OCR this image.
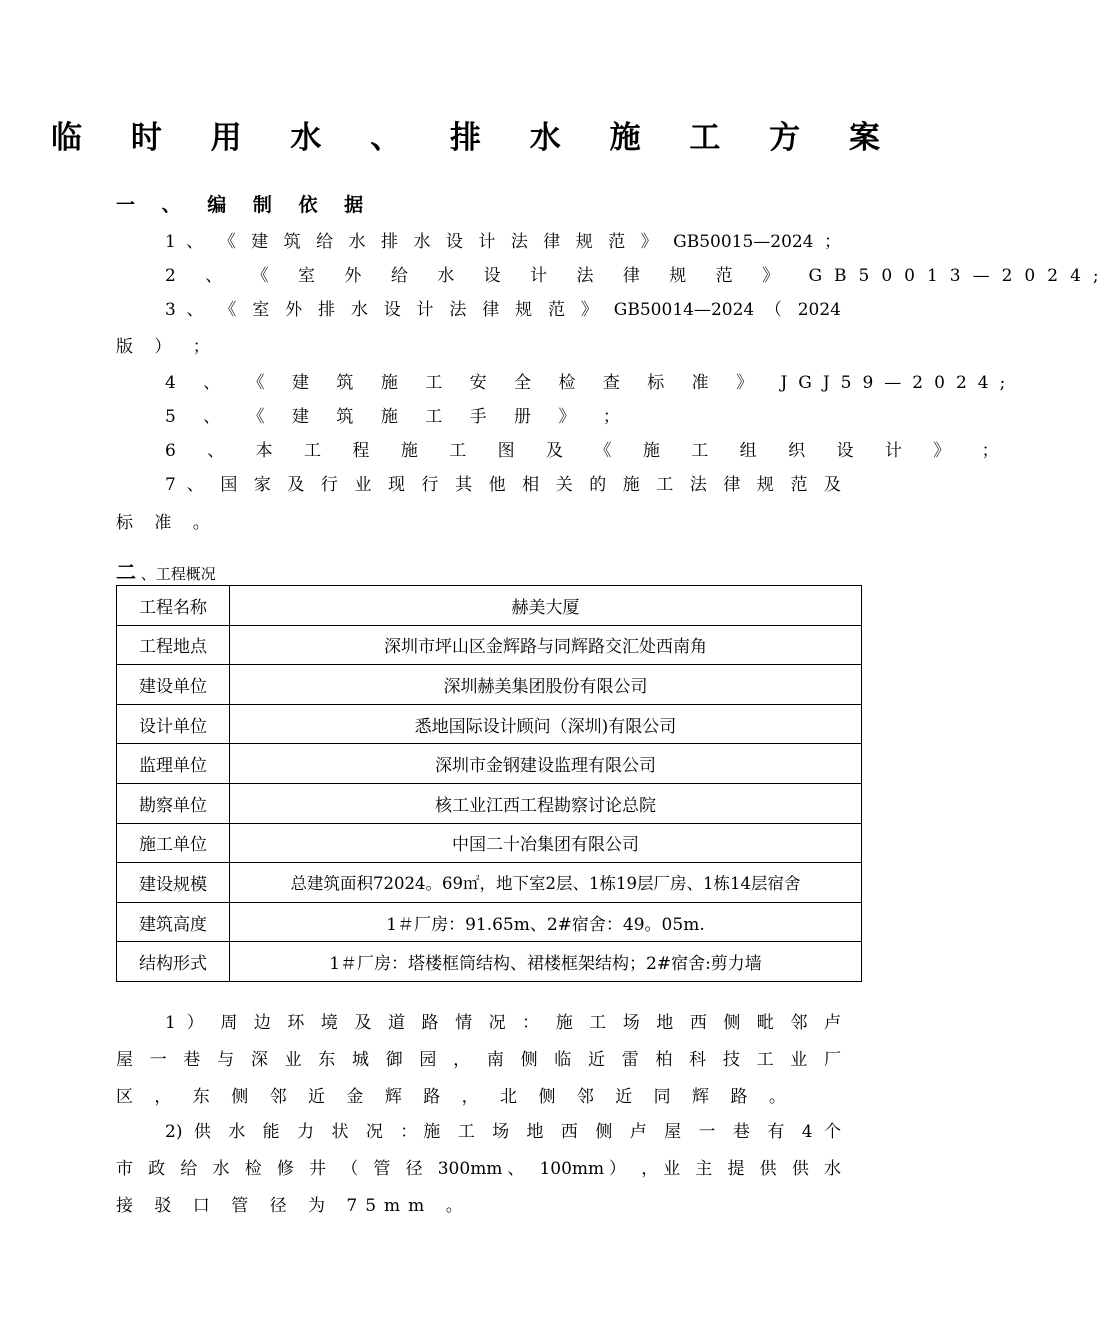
临 时 用 水 、 排 水 施 工 方 案
一 、 编 制 依 据
1 、 《 建 筑 给 水 排 水 设 计 法 律 规 范 》 GB50015—2024 ；
2 、 《 室 外 给 水 设 计 法 律 规 范 》 GB50013—2024;
3 、 《 室 外 排 水 设 计 法 律 规 范 》 GB50014—2024 （ 2024
版 ） ；
4 、 《 建 筑 施 工 安 全 检 查 标 准 》 JGJ59—2024;
5 、 《 建 筑 施 工 手 册 》 ；
6 、 本 工 程 施 工 图 及 《 施 工 组 织 设 计 》 ；
7 、 国 家 及 行 业 现 行 其 他 相 关 的 施 工 法 律 规 范 及
标 准 。
二 、工程概况
工程名称	赫美大厦
工程地点	深圳市坪山区金辉路与同辉路交汇处西南角
建设单位	深圳赫美集团股份有限公司
设计单位	悉地国际设计顾问（深圳)有限公司
监理单位	深圳市金钢建设监理有限公司
勘察单位	核工业江西工程勘察讨论总院
施工单位	中国二十冶集团有限公司
建设规模	总建筑面积72024。69㎡，地下室2层、1栋19层厂房、1栋14层宿舍
建筑高度	1＃厂房：91.65m、2#宿舍：49。05m.
结构形式	1＃厂房：塔楼框筒结构、裙楼框架结构；2#宿舍:剪力墙
1 ） 周 边 环 境 及 道 路 情 况 ： 施 工 场 地 西 侧 毗 邻 卢
屋 一 巷 与 深 业 东 城 御 园 ， 南 侧 临 近 雷 柏 科 技 工 业 厂
区 ， 东 侧 邻 近 金 辉 路 ， 北 侧 邻 近 同 辉 路 。
2) 供 水 能 力 状 况 ：施 工 场 地 西 侧 卢 屋 一 巷 有 4 个
市 政 给 水 检 修 井 （ 管 径 300mm、 100mm） ，业 主 提 供 供 水
接 驳 口 管 径 为 75mm 。
